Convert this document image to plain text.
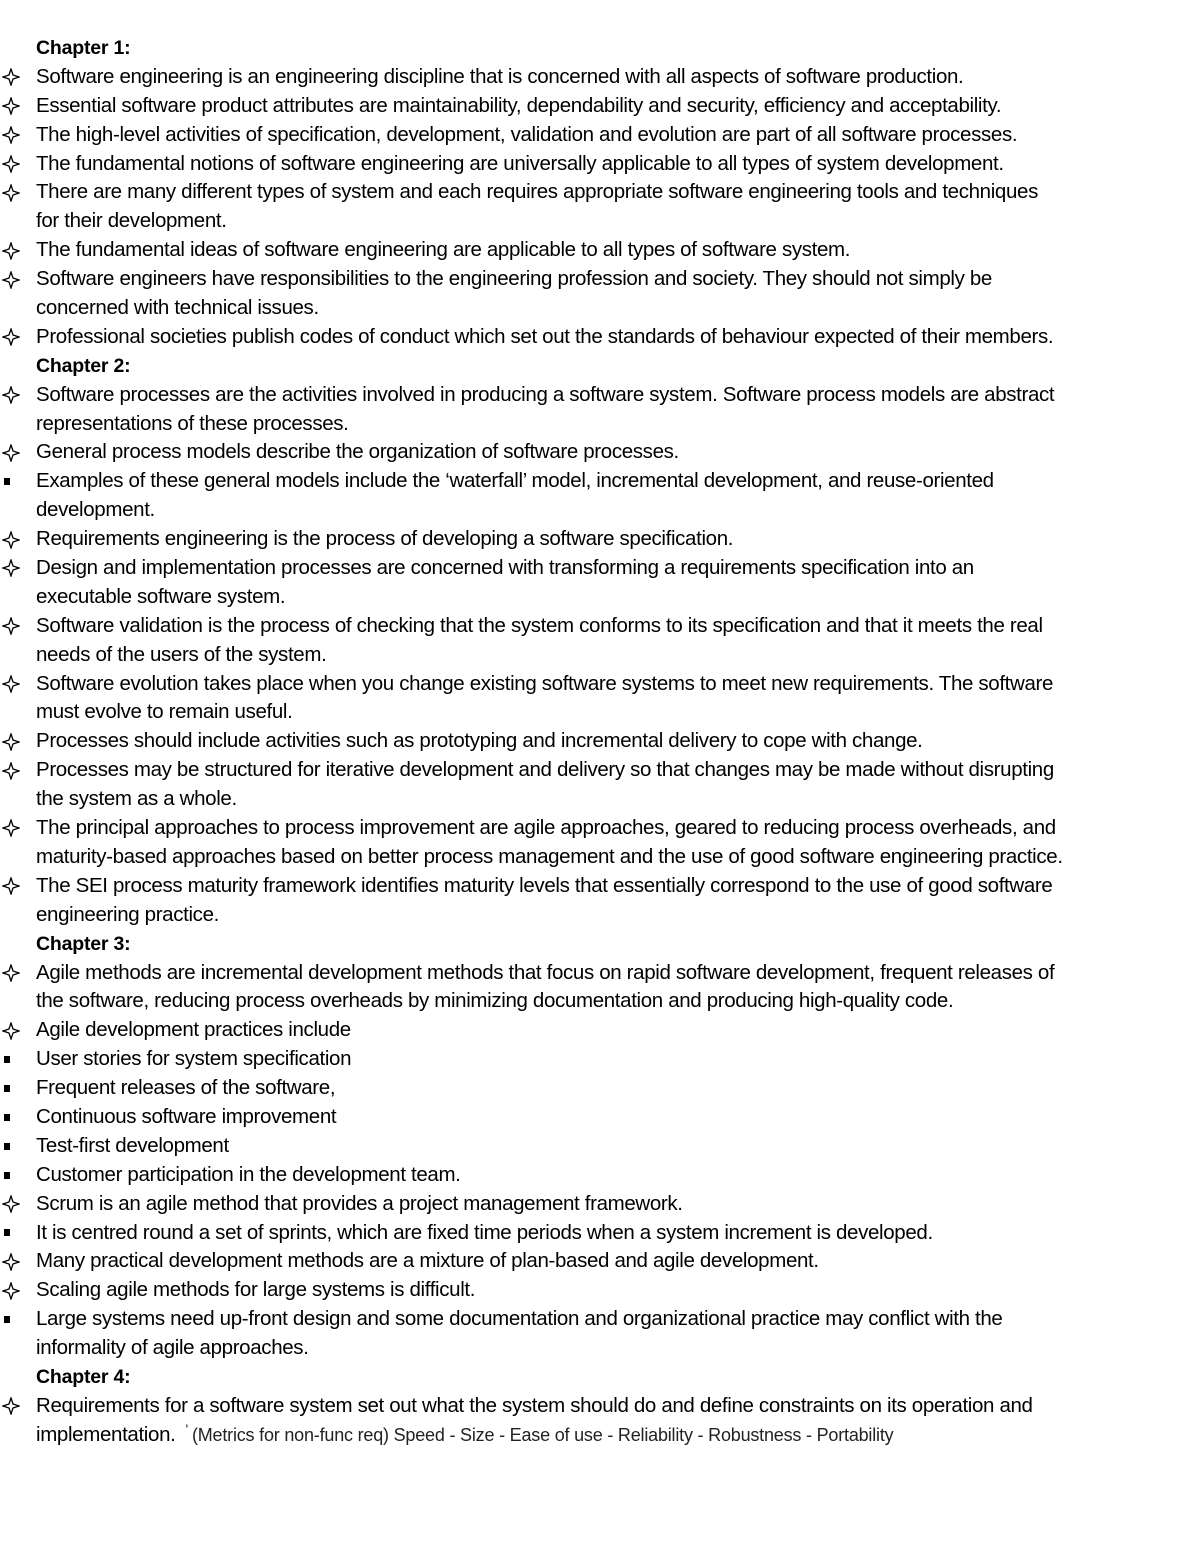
Chapter 1:
Software engineering is an engineering discipline that is concerned with all aspects of software production.
Essential software product attributes are maintainability, dependability and security, efficiency and acceptability.
The high-level activities of specification, development, validation and evolution are part of all software processes.
The fundamental notions of software engineering are universally applicable to all types of system development.
There are many different types of system and each requires appropriate software engineering tools and techniques
for their development.
The fundamental ideas of software engineering are applicable to all types of software system.
Software engineers have responsibilities to the engineering profession and society. They should not simply be
concerned with technical issues.
Professional societies publish codes of conduct which set out the standards of behaviour expected of their members.
Chapter 2:
Software processes are the activities involved in producing a software system. Software process models are abstract
representations of these processes.
General process models describe the organization of software processes.
Examples of these general models include the ‘waterfall’ model, incremental development, and reuse-oriented
development.
Requirements engineering is the process of developing a software specification.
Design and implementation processes are concerned with transforming a requirements specification into an
executable software system.
Software validation is the process of checking that the system conforms to its specification and that it meets the real
needs of the users of the system.
Software evolution takes place when you change existing software systems to meet new requirements. The software
must evolve to remain useful.
Processes should include activities such as prototyping and incremental delivery to cope with change.
Processes may be structured for iterative development and delivery so that changes may be made without disrupting
the system as a whole.
The principal approaches to process improvement are agile approaches, geared to reducing process overheads, and
maturity-based approaches based on better process management and the use of good software engineering practice.
The SEI process maturity framework identifies maturity levels that essentially correspond to the use of good software
engineering practice.
Chapter 3:
Agile methods are incremental development methods that focus on rapid software development, frequent releases of
the software, reducing process overheads by minimizing documentation and producing high-quality code.
Agile development practices include
User stories for system specification
Frequent releases of the software,
Continuous software improvement
Test-first development
Customer participation in the development team.
Scrum is an agile method that provides a project management framework.
It is centred round a set of sprints, which are fixed time periods when a system increment is developed.
Many practical development methods are a mixture of plan-based and agile development.
Scaling agile methods for large systems is difficult.
Large systems need up-front design and some documentation and organizational practice may conflict with the
informality of agile approaches.
Chapter 4:
Requirements for a software system set out what the system should do and define constraints on its operation and
implementation. ' (Metrics for non-func req) Speed - Size - Ease of use - Reliability - Robustness - Portability
